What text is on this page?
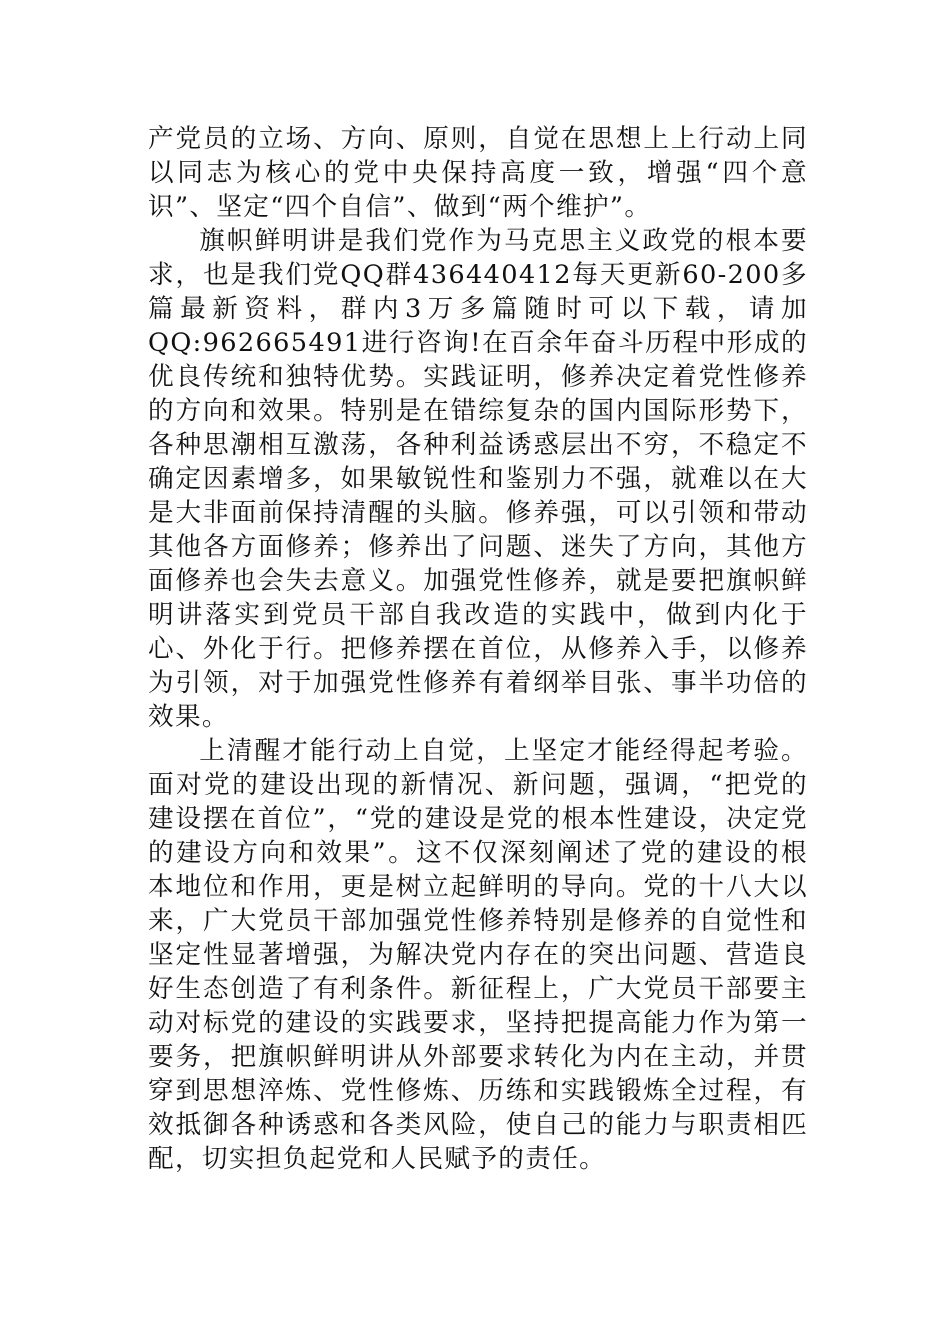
产党员的立场、方向、原则，自觉在思想上上行动上同以同志为核心的党中央保持高度一致，增强“四个意识”、坚定“四个自信”、做到“两个维护”。

旗帜鲜明讲是我们党作为马克思主义政党的根本要求，也是我们党QQ群436440412每天更新60-200多篇最新资料，群内3万多篇随时可以下载，请加QQ:962665491进行咨询!在百余年奋斗历程中形成的优良传统和独特优势。实践证明，修养决定着党性修养的方向和效果。特别是在错综复杂的国内国际形势下，各种思潮相互激荡，各种利益诱惑层出不穷，不稳定不确定因素增多，如果敏锐性和鉴别力不强，就难以在大是大非面前保持清醒的头脑。修养强，可以引领和带动其他各方面修养；修养出了问题、迷失了方向，其他方面修养也会失去意义。加强党性修养，就是要把旗帜鲜明讲落实到党员干部自我改造的实践中，做到内化于心、外化于行。把修养摆在首位，从修养入手，以修养为引领，对于加强党性修养有着纲举目张、事半功倍的效果。

上清醒才能行动上自觉，上坚定才能经得起考验。面对党的建设出现的新情况、新问题，强调，“把党的建设摆在首位”，“党的建设是党的根本性建设，决定党的建设方向和效果”。这不仅深刻阐述了党的建设的根本地位和作用，更是树立起鲜明的导向。党的十八大以来，广大党员干部加强党性修养特别是修养的自觉性和坚定性显著增强，为解决党内存在的突出问题、营造良好生态创造了有利条件。新征程上，广大党员干部要主动对标党的建设的实践要求，坚持把提高能力作为第一要务，把旗帜鲜明讲从外部要求转化为内在主动，并贯穿到思想淬炼、党性修炼、历练和实践锻炼全过程，有效抵御各种诱惑和各类风险，使自己的能力与职责相匹配，切实担负起党和人民赋予的责任。
